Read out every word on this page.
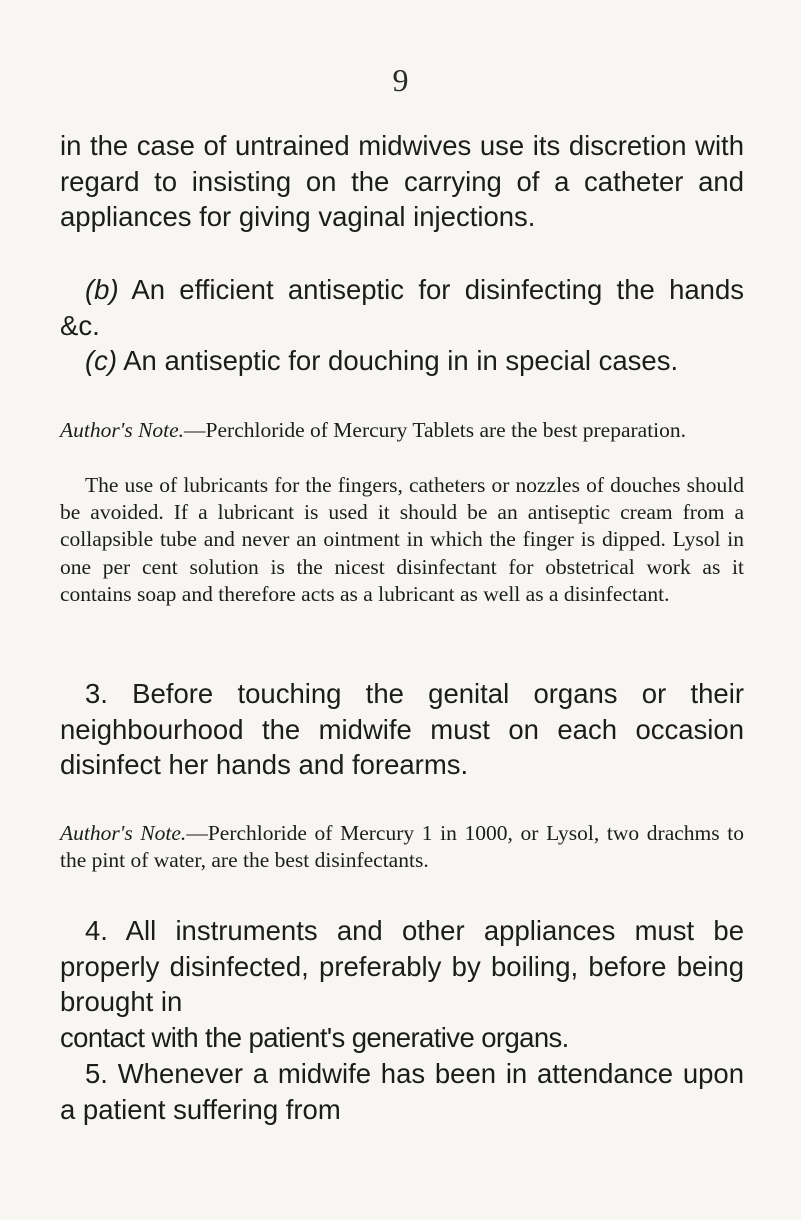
9

in the case of untrained midwives use its discretion with regard to insisting on the carrying of a catheter and appliances for giving vaginal injections.

(b) An efficient antiseptic for disinfecting the hands &c.

(c) An antiseptic for douching in in special cases.

Author's Note.—Perchloride of Mercury Tablets are the best preparation.

The use of lubricants for the fingers, catheters or nozzles of douches should be avoided. If a lubricant is used it should be an antiseptic cream from a collapsible tube and never an ointment in which the finger is dipped. Lysol in one per cent solution is the nicest disinfectant for obstetrical work as it contains soap and therefore acts as a lubricant as well as a disinfectant.

3. Before touching the genital organs or their neighbourhood the midwife must on each occasion disinfect her hands and forearms.

Author's Note.—Perchloride of Mercury 1 in 1000, or Lysol, two drachms to the pint of water, are the best disinfectants.

4. All instruments and other appliances must be properly disinfected, preferably by boiling, before being brought in

contact with the patient's generative organs.

5. Whenever a midwife has been in attendance upon a patient suffering from
